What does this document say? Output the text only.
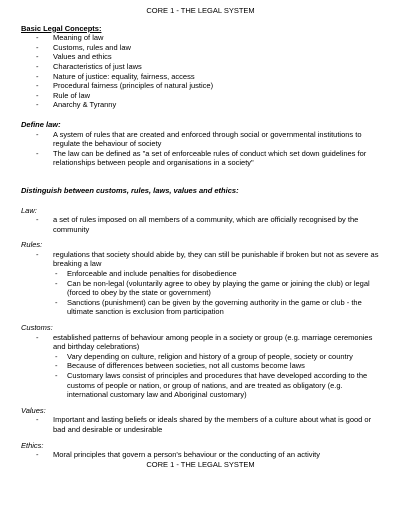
CORE 1 - THE LEGAL SYSTEM
Basic Legal Concepts:
- Meaning of law
- Customs, rules and law
- Values and ethics
- Characteristics of just laws
- Nature of justice: equality, fairness, access
- Procedural fairness (principles of natural justice)
- Rule of law
- Anarchy & Tyranny
Define law:
- A system of rules that are created and enforced through social or governmental institutions to regulate the behaviour of society
- The law can be defined as "a set of enforceable rules of conduct which set down guidelines for relationships between people and organisations in a society"
Distinguish between customs, rules, laws, values and ethics:
Law:
- a set of rules imposed on all members of a community, which are officially recognised by the community
Rules:
- regulations that society should abide by, they can still be punishable if broken but not as severe as breaking a law
- Enforceable and include penalties for disobedience
- Can be non-legal (voluntarily agree to obey by playing the game or joining the club) or legal (forced to obey by the state or government)
- Sanctions (punishment) can be given by the governing authority in the game or club - the ultimate sanction is exclusion from participation
Customs:
- established patterns of behaviour among people in a society or group (e.g. marriage ceremonies and birthday celebrations)
- Vary depending on culture, religion and history of a group of people, society or country
- Because of differences between societies, not all customs become laws
- Customary laws consist of principles and procedures that have developed according to the customs of people or nation, or group of nations, and are treated as obligatory (e.g. international customary law and Aboriginal customary)
Values:
- Important and lasting beliefs or ideals shared by the members of a culture about what is good or bad and desirable or undesirable
Ethics:
- Moral principles that govern a person's behaviour or the conducting of an activity
CORE 1 - THE LEGAL SYSTEM
